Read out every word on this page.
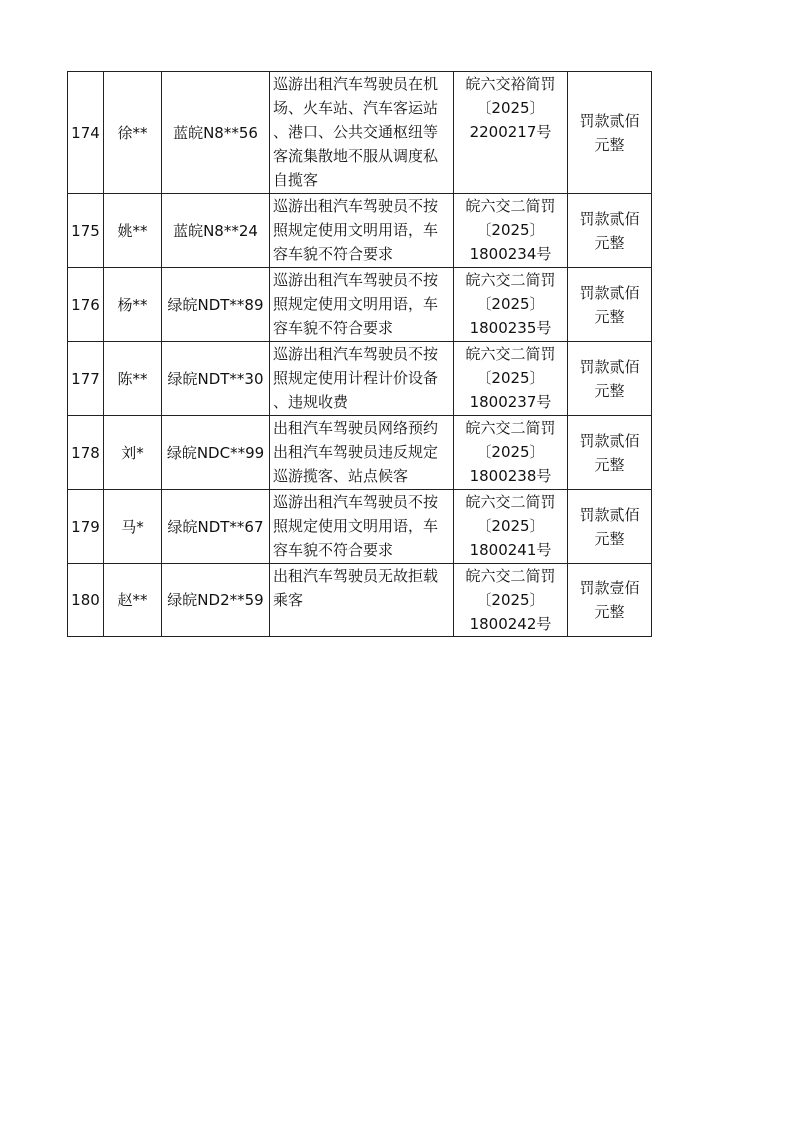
174	徐**	蓝皖N8**56	巡游出租汽车驾驶员在机
场、火车站、汽车客运站
、港口、公共交通枢纽等
客流集散地不服从调度私
自揽客	皖六交裕简罚
〔2025〕
2200217号	罚款贰佰
元整
175	姚**	蓝皖N8**24	巡游出租汽车驾驶员不按
照规定使用文明用语，车
容车貌不符合要求	皖六交二简罚
〔2025〕
1800234号	罚款贰佰
元整
176	杨**	绿皖NDT**89	巡游出租汽车驾驶员不按
照规定使用文明用语，车
容车貌不符合要求	皖六交二简罚
〔2025〕
1800235号	罚款贰佰
元整
177	陈**	绿皖NDT**30	巡游出租汽车驾驶员不按
照规定使用计程计价设备
、违规收费	皖六交二简罚
〔2025〕
1800237号	罚款贰佰
元整
178	刘*	绿皖NDC**99	出租汽车驾驶员网络预约
出租汽车驾驶员违反规定
巡游揽客、站点候客	皖六交二简罚
〔2025〕
1800238号	罚款贰佰
元整
179	马*	绿皖NDT**67	巡游出租汽车驾驶员不按
照规定使用文明用语，车
容车貌不符合要求	皖六交二简罚
〔2025〕
1800241号	罚款贰佰
元整
180	赵**	绿皖ND2**59	出租汽车驾驶员无故拒载
乘客	皖六交二简罚
〔2025〕
1800242号	罚款壹佰
元整
